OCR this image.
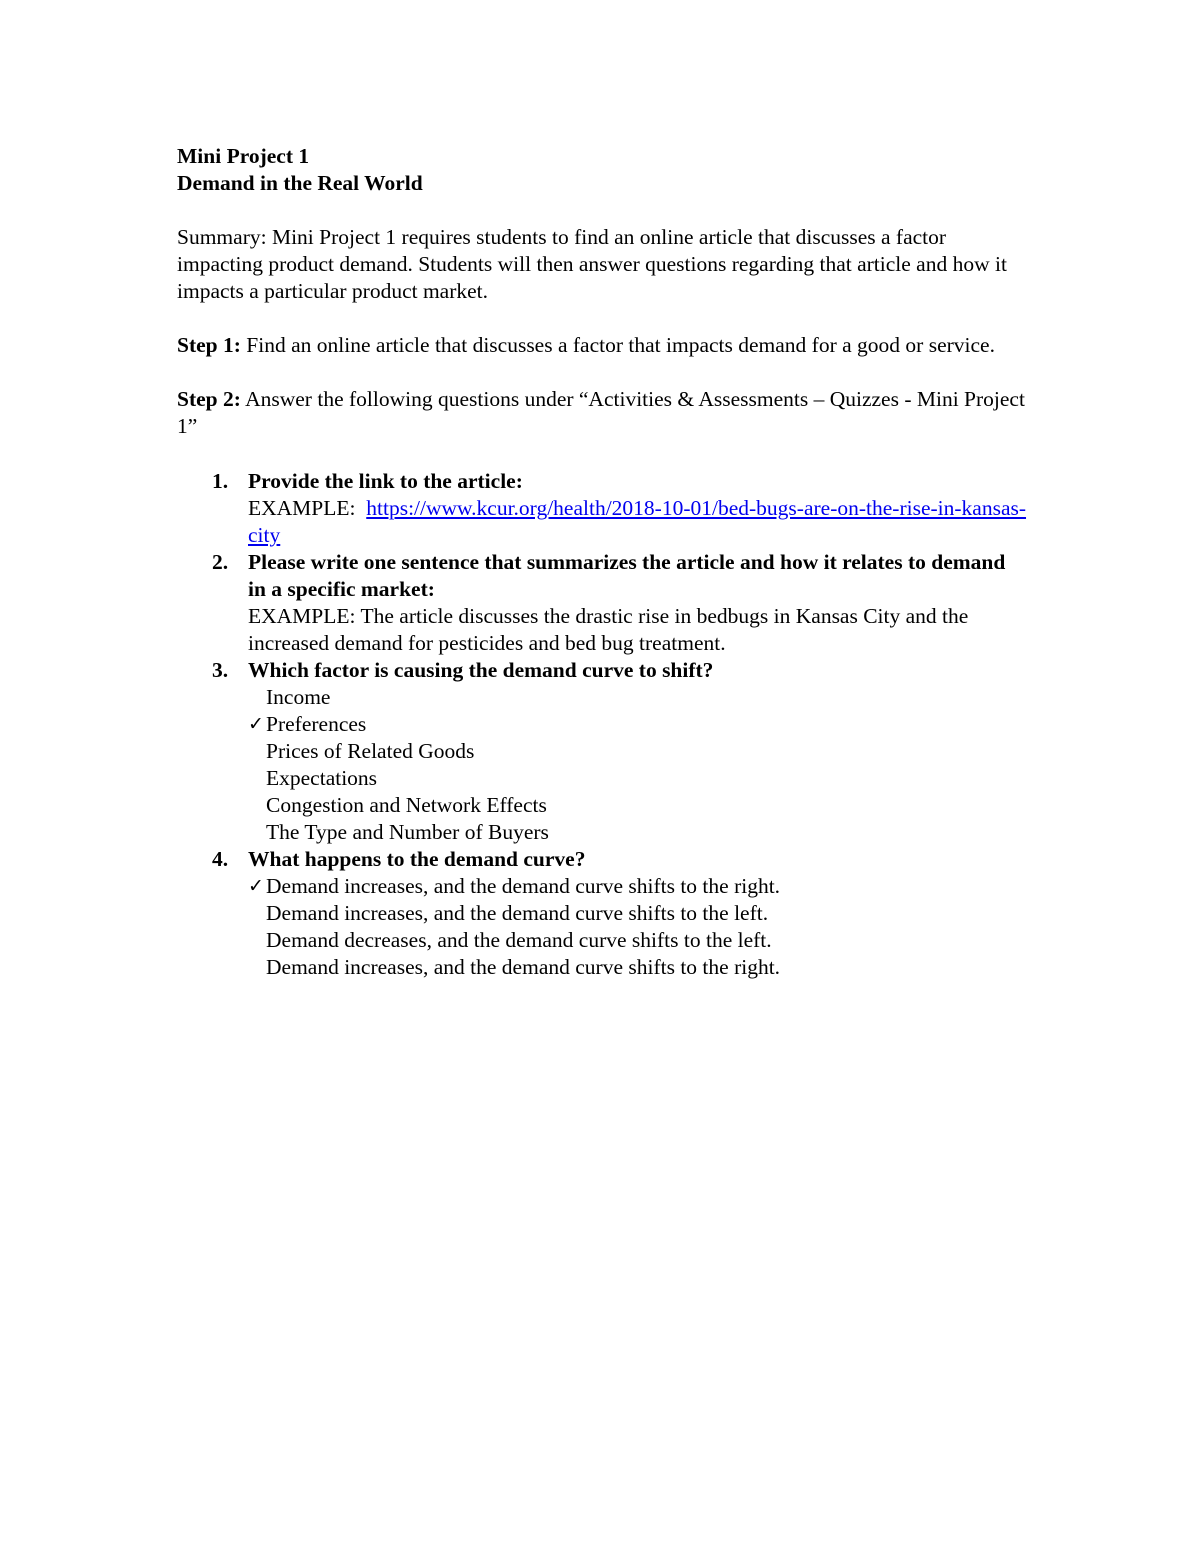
Mini Project 1

Demand in the Real World

Summary: Mini Project 1 requires students to find an online article that discusses a factor impacting product demand. Students will then answer questions regarding that article and how it impacts a particular product market.

Step 1: Find an online article that discusses a factor that impacts demand for a good or service.

Step 2: Answer the following questions under “Activities & Assessments – Quizzes - Mini Project 1”

1. Provide the link to the article:
EXAMPLE:  https://www.kcur.org/health/2018-10-01/bed-bugs-are-on-the-rise-in-kansas-city
2. Please write one sentence that summarizes the article and how it relates to demand in a specific market:
EXAMPLE: The article discusses the drastic rise in bedbugs in Kansas City and the increased demand for pesticides and bed bug treatment.
3. Which factor is causing the demand curve to shift?
Income
✓ Preferences
Prices of Related Goods
Expectations
Congestion and Network Effects
The Type and Number of Buyers
4. What happens to the demand curve?
✓ Demand increases, and the demand curve shifts to the right.
Demand increases, and the demand curve shifts to the left.
Demand decreases, and the demand curve shifts to the left.
Demand increases, and the demand curve shifts to the right.
